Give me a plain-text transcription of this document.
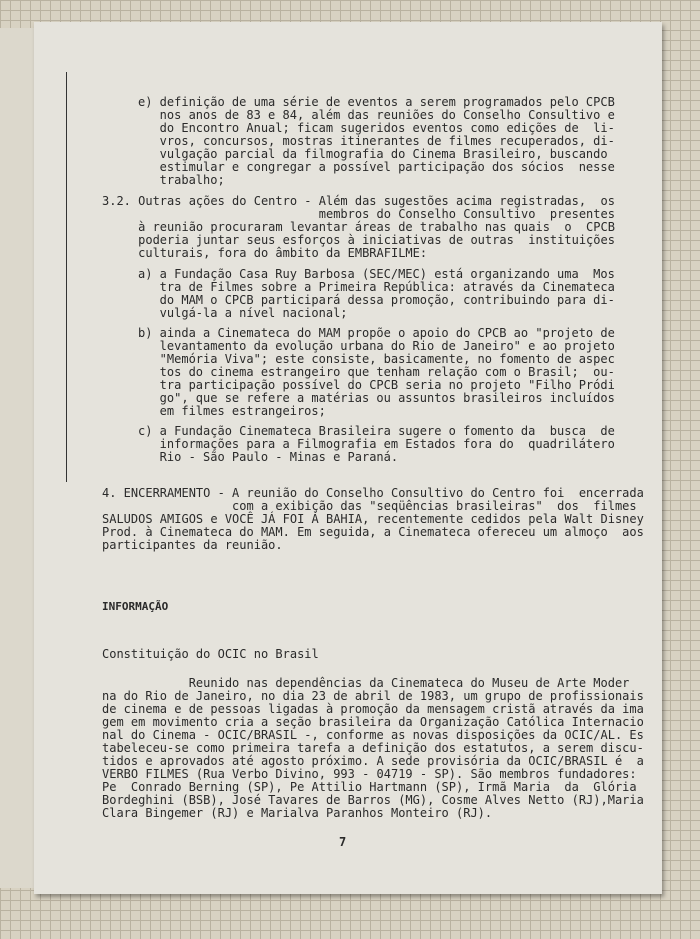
e) definição de uma série de eventos a serem programados pelo CPCB
nos anos de 83 e 84, além das reuniões do Conselho Consultivo e
do Encontro Anual; ficam sugeridos eventos como edições de  li-
vros, concursos, mostras itinerantes de filmes recuperados, di-
vulgação parcial da filmografia do Cinema Brasileiro, buscando
estimular e congregar a possível participação dos sócios  nesse
trabalho;
3.2. Outras ações do Centro - Além das sugestões acima registradas,  os
membros do Conselho Consultivo  presentes
à reunião procuraram levantar áreas de trabalho nas quais  o  CPCB
poderia juntar seus esforços à iniciativas de outras  instituições
culturais, fora do âmbito da EMBRAFILME:
a) a Fundação Casa Ruy Barbosa (SEC/MEC) está organizando uma  Mos
tra de Filmes sobre a Primeira República: através da Cinemateca
do MAM o CPCB participará dessa promoção, contribuindo para di-
vulgá-la a nível nacional;
b) ainda a Cinemateca do MAM propõe o apoio do CPCB ao "projeto de
levantamento da evolução urbana do Rio de Janeiro" e ao projeto
"Memória Viva"; este consiste, basicamente, no fomento de aspec
tos do cinema estrangeiro que tenham relação com o Brasil;  ou-
tra participação possível do CPCB seria no projeto "Filho Pródi
go", que se refere a matérias ou assuntos brasileiros incluídos
em filmes estrangeiros;
c) a Fundação Cinemateca Brasileira sugere o fomento da  busca  de
informações para a Filmografia em Estados fora do  quadrilátero
Rio - São Paulo - Minas e Paraná.
4. ENCERRAMENTO - A reunião do Conselho Consultivo do Centro foi  encerrada
com a exibição das "seqüências brasileiras"  dos  filmes
SALUDOS AMIGOS e VOCÊ JÁ FOI À BAHIA, recentemente cedidos pela Walt Disney
Prod. à Cinemateca do MAM. Em seguida, a Cinemateca ofereceu um almoço  aos
participantes da reunião.
INFORMAÇÃO
Constituição do OCIC no Brasil
Reunido nas dependências da Cinemateca do Museu de Arte Moder
na do Rio de Janeiro, no dia 23 de abril de 1983, um grupo de profissionais
de cinema e de pessoas ligadas à promoção da mensagem cristã através da ima
gem em movimento cria a seção brasileira da Organização Católica Internacio
nal do Cinema - OCIC/BRASIL -, conforme as novas disposições da OCIC/AL. Es
tabeleceu-se como primeira tarefa a definição dos estatutos, a serem discu-
tidos e aprovados até agosto próximo. A sede provisória da OCIC/BRASIL é  a
VERBO FILMES (Rua Verbo Divino, 993 - 04719 - SP). São membros fundadores:
Pe  Conrado Berning (SP), Pe Attilio Hartmann (SP), Irmã Maria  da  Glória
Bordeghini (BSB), José Tavares de Barros (MG), Cosme Alves Netto (RJ),Maria
Clara Bingemer (RJ) e Marialva Paranhos Monteiro (RJ).
7
